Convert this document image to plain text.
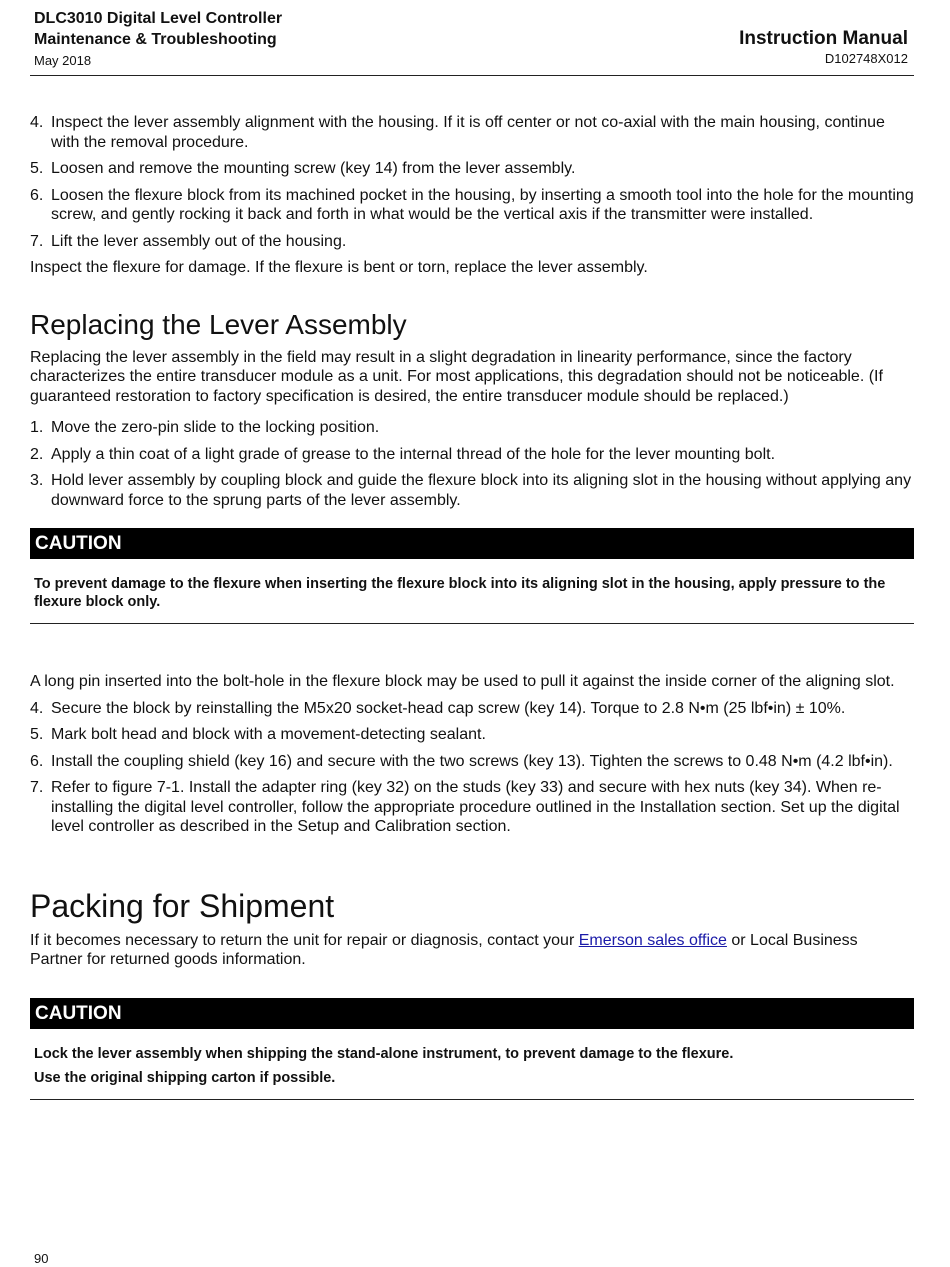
DLC3010 Digital Level Controller
Maintenance & Troubleshooting
May 2018
Instruction Manual
D102748X012
4. Inspect the lever assembly alignment with the housing. If it is off center or not co-axial with the main housing, continue with the removal procedure.
5. Loosen and remove the mounting screw (key 14) from the lever assembly.
6. Loosen the flexure block from its machined pocket in the housing, by inserting a smooth tool into the hole for the mounting screw, and gently rocking it back and forth in what would be the vertical axis if the transmitter were installed.
7. Lift the lever assembly out of the housing.

Inspect the flexure for damage. If the flexure is bent or torn, replace the lever assembly.

Replacing the Lever Assembly

Replacing the lever assembly in the field may result in a slight degradation in linearity performance, since the factory characterizes the entire transducer module as a unit. For most applications, this degradation should not be noticeable. (If guaranteed restoration to factory specification is desired, the entire transducer module should be replaced.)

1. Move the zero-pin slide to the locking position.
2. Apply a thin coat of a light grade of grease to the internal thread of the hole for the lever mounting bolt.
3. Hold lever assembly by coupling block and guide the flexure block into its aligning slot in the housing without applying any downward force to the sprung parts of the lever assembly.
CAUTION

To prevent damage to the flexure when inserting the flexure block into its aligning slot in the housing, apply pressure to the flexure block only.

A long pin inserted into the bolt-hole in the flexure block may be used to pull it against the inside corner of the aligning slot.

4. Secure the block by reinstalling the M5x20 socket-head cap screw (key 14). Torque to 2.8 N•m (25 lbf•in) ± 10%.
5. Mark bolt head and block with a movement-detecting sealant.
6. Install the coupling shield (key 16) and secure with the two screws (key 13). Tighten the screws to 0.48 N•m (4.2 lbf•in).
7. Refer to figure 7-1. Install the adapter ring (key 32) on the studs (key 33) and secure with hex nuts (key 34). When re-installing the digital level controller, follow the appropriate procedure outlined in the Installation section. Set up the digital level controller as described in the Setup and Calibration section.
Packing for Shipment

If it becomes necessary to return the unit for repair or diagnosis, contact your Emerson sales office or Local Business Partner for returned goods information.

CAUTION

Lock the lever assembly when shipping the stand-alone instrument, to prevent damage to the flexure.

Use the original shipping carton if possible.

90
